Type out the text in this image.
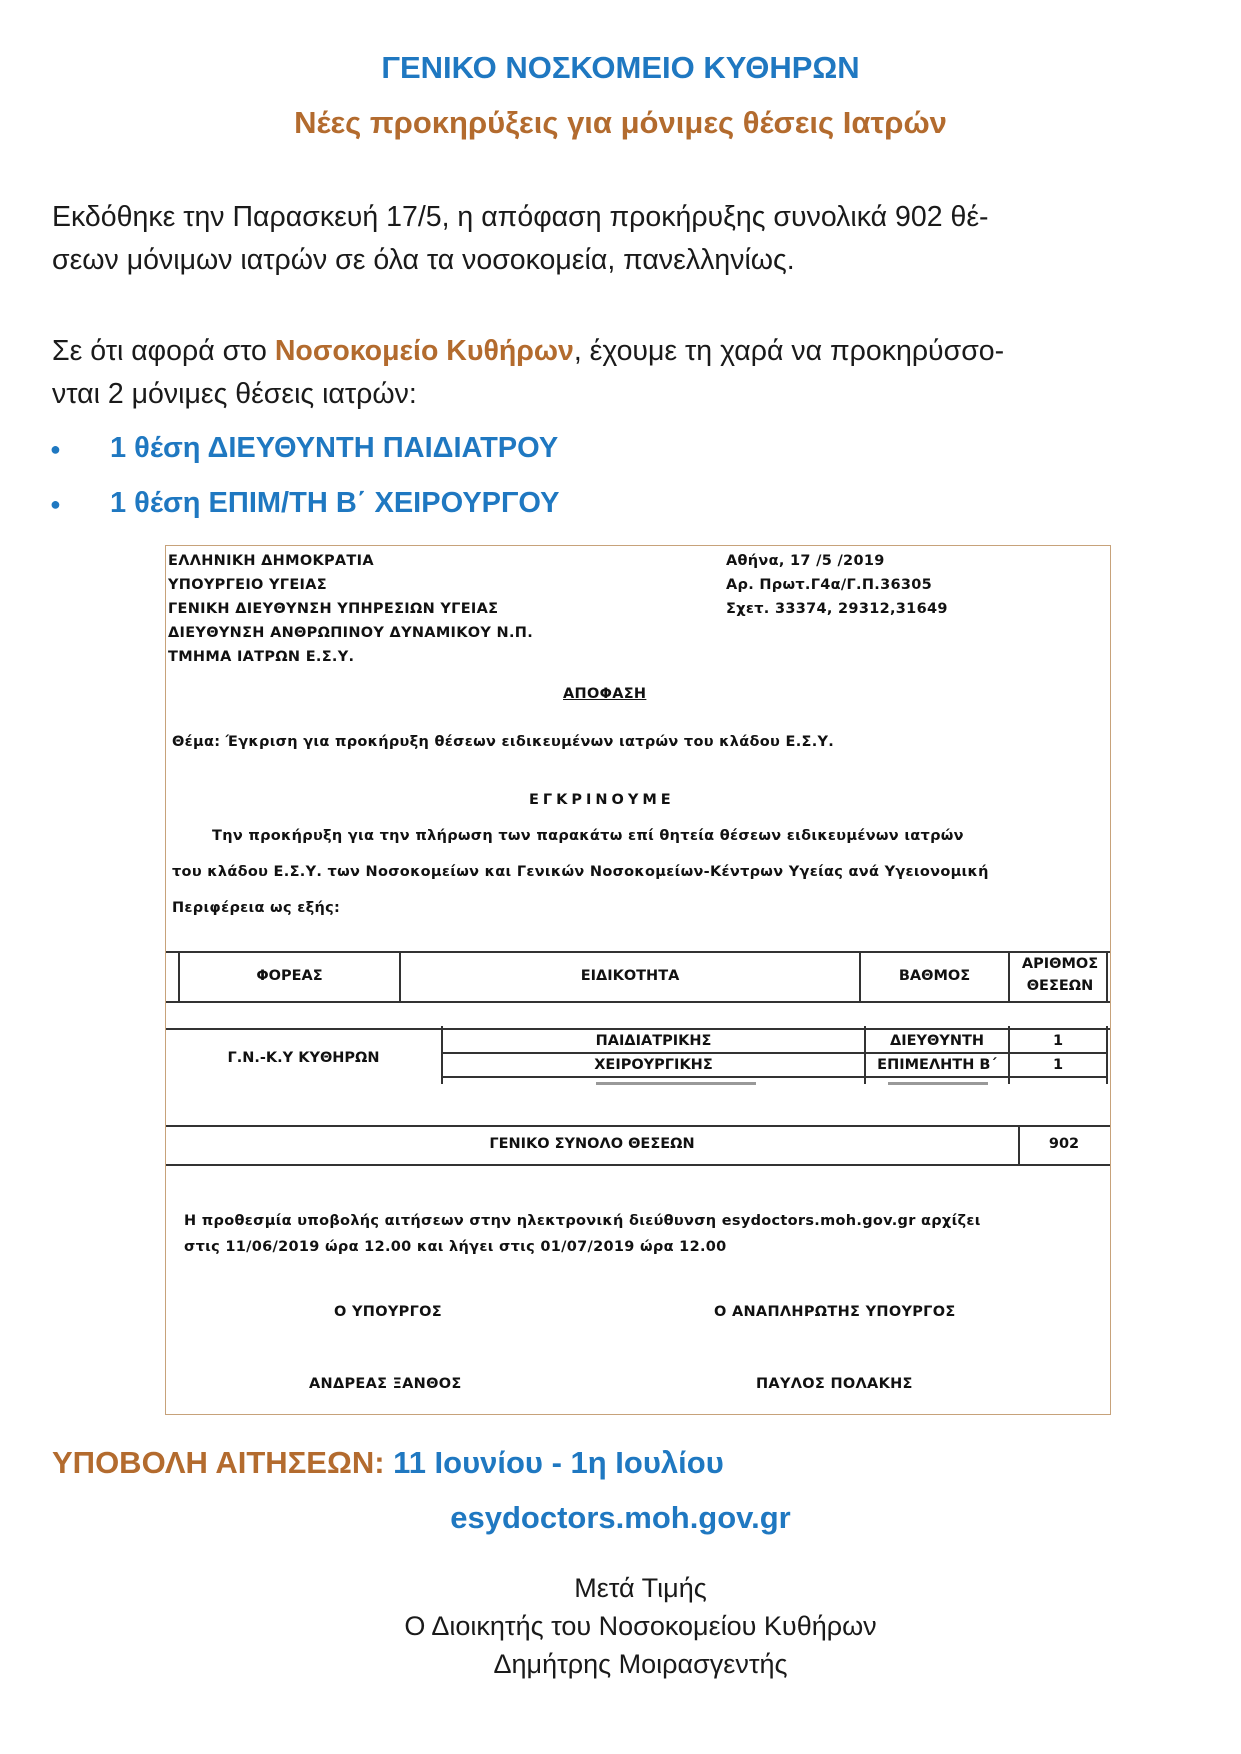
ΓΕΝΙΚΟ ΝΟΣΚΟΜΕΙΟ ΚΥΘΗΡΩΝ
Νέες προκηρύξεις για μόνιμες θέσεις Ιατρών
Εκδόθηκε την Παρασκευή 17/5, η απόφαση προκήρυξης συνολικά 902 θέ-
σεων μόνιμων ιατρών σε όλα τα νοσοκομεία, πανελληνίως.
Σε ότι αφορά στο Νοσοκομείο Κυθήρων, έχουμε τη χαρά να προκηρύσσο-
νται 2 μόνιμες θέσεις ιατρών:
● 1 θέση ΔΙΕΥΘΥΝΤΗ ΠΑΙΔΙΑΤΡΟΥ
● 1 θέση ΕΠΙΜ/ΤΗ Β΄ ΧΕΙΡΟΥΡΓΟΥ
ΕΛΛΗΝΙΚΗ ΔΗΜΟΚΡΑΤΙΑ
ΥΠΟΥΡΓΕΙΟ ΥΓΕΙΑΣ
ΓΕΝΙΚΗ ΔΙΕΥΘΥΝΣΗ ΥΠΗΡΕΣΙΩΝ ΥΓΕΙΑΣ
ΔΙΕΥΘΥΝΣΗ ΑΝΘΡΩΠΙΝΟΥ ΔΥΝΑΜΙΚΟΥ Ν.Π.
ΤΜΗΜΑ ΙΑΤΡΩΝ Ε.Σ.Υ.
Αθήνα, 17 /5 /2019
Αρ. Πρωτ.Γ4α/Γ.Π.36305
Σχετ. 33374, 29312,31649
ΑΠΟΦΑΣΗ
Θέμα: Έγκριση για προκήρυξη θέσεων ειδικευμένων ιατρών του κλάδου Ε.Σ.Υ.
ΕΓΚΡΙΝΟΥΜΕ
Την προκήρυξη για την πλήρωση των παρακάτω επί θητεία θέσεων ειδικευμένων ιατρών
του κλάδου Ε.Σ.Υ. των Νοσοκομείων και Γενικών Νοσοκομείων-Κέντρων Υγείας ανά Υγειονομική
Περιφέρεια ως εξής:
ΦΟΡΕΑΣ	ΕΙΔΙΚΟΤΗΤΑ	ΒΑΘΜΟΣ
ΑΡΙΘΜΟΣ
ΘΕΣΕΩΝ
Γ.Ν.-Κ.Υ ΚΥΘΗΡΩΝ
ΠΑΙΔΙΑΤΡΙΚΗΣ	ΔΙΕΥΘΥΝΤΗ	1
ΧΕΙΡΟΥΡΓΙΚΗΣ	ΕΠΙΜΕΛΗΤΗ Β΄	1
ΓΕΝΙΚΟ ΣΥΝΟΛΟ ΘΕΣΕΩΝ	902
Η προθεσμία υποβολής αιτήσεων στην ηλεκτρονική διεύθυνση esydoctors.moh.gov.gr αρχίζει
στις 11/06/2019 ώρα 12.00 και λήγει στις 01/07/2019 ώρα 12.00
Ο ΥΠΟΥΡΓΟΣ	Ο ΑΝΑΠΛΗΡΩΤΗΣ ΥΠΟΥΡΓΟΣ
ΑΝΔΡΕΑΣ ΞΑΝΘΟΣ	ΠΑΥΛΟΣ ΠΟΛΑΚΗΣ
ΥΠΟΒΟΛΗ ΑΙΤΗΣΕΩΝ: 11 Ιουνίου - 1η Ιουλίου
esydoctors.moh.gov.gr
Μετά Τιμής
Ο Διοικητής του Νοσοκομείου Κυθήρων
Δημήτρης Μοιρασγεντής
